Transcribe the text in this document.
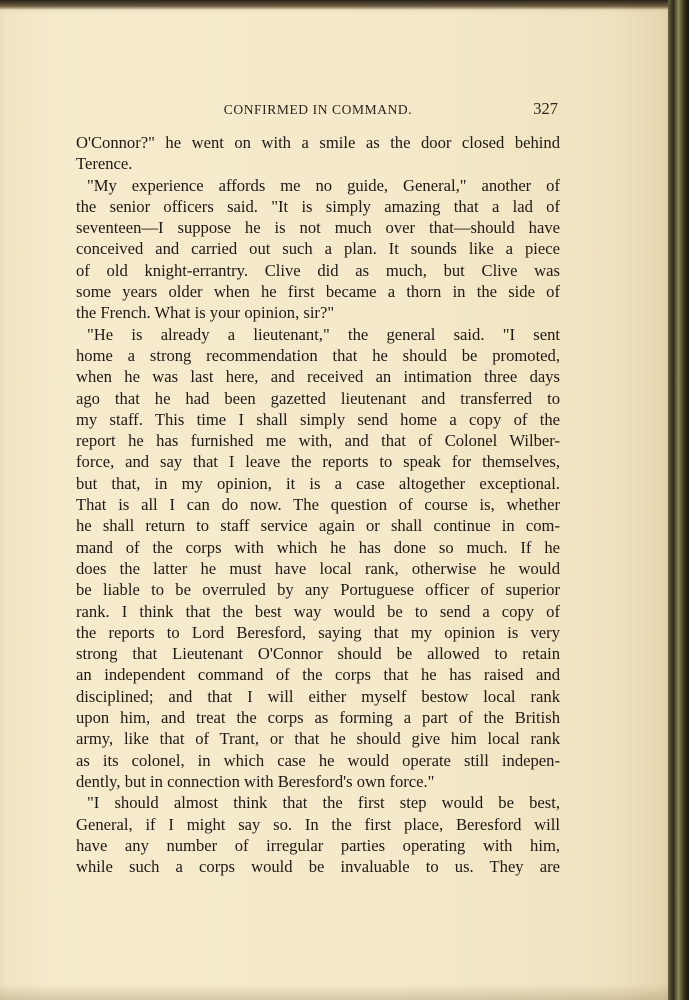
CONFIRMED IN COMMAND.	327
O'Connor?" he went on with a smile as the door closed behind
Terence.
"My experience affords me no guide, General," another of
the senior officers said. "It is simply amazing that a lad of
seventeen—I suppose he is not much over that—should have
conceived and carried out such a plan. It sounds like a piece
of old knight-errantry. Clive did as much, but Clive was
some years older when he first became a thorn in the side of
the French. What is your opinion, sir?"
"He is already a lieutenant," the general said. "I sent
home a strong recommendation that he should be promoted,
when he was last here, and received an intimation three days
ago that he had been gazetted lieutenant and transferred to
my staff. This time I shall simply send home a copy of the
report he has furnished me with, and that of Colonel Wilber-
force, and say that I leave the reports to speak for themselves,
but that, in my opinion, it is a case altogether exceptional.
That is all I can do now. The question of course is, whether
he shall return to staff service again or shall continue in com-
mand of the corps with which he has done so much. If he
does the latter he must have local rank, otherwise he would
be liable to be overruled by any Portuguese officer of superior
rank. I think that the best way would be to send a copy of
the reports to Lord Beresford, saying that my opinion is very
strong that Lieutenant O'Connor should be allowed to retain
an independent command of the corps that he has raised and
disciplined; and that I will either myself bestow local rank
upon him, and treat the corps as forming a part of the British
army, like that of Trant, or that he should give him local rank
as its colonel, in which case he would operate still indepen-
dently, but in connection with Beresford's own force."
"I should almost think that the first step would be best,
General, if I might say so. In the first place, Beresford will
have any number of irregular parties operating with him,
while such a corps would be invaluable to us. They are
